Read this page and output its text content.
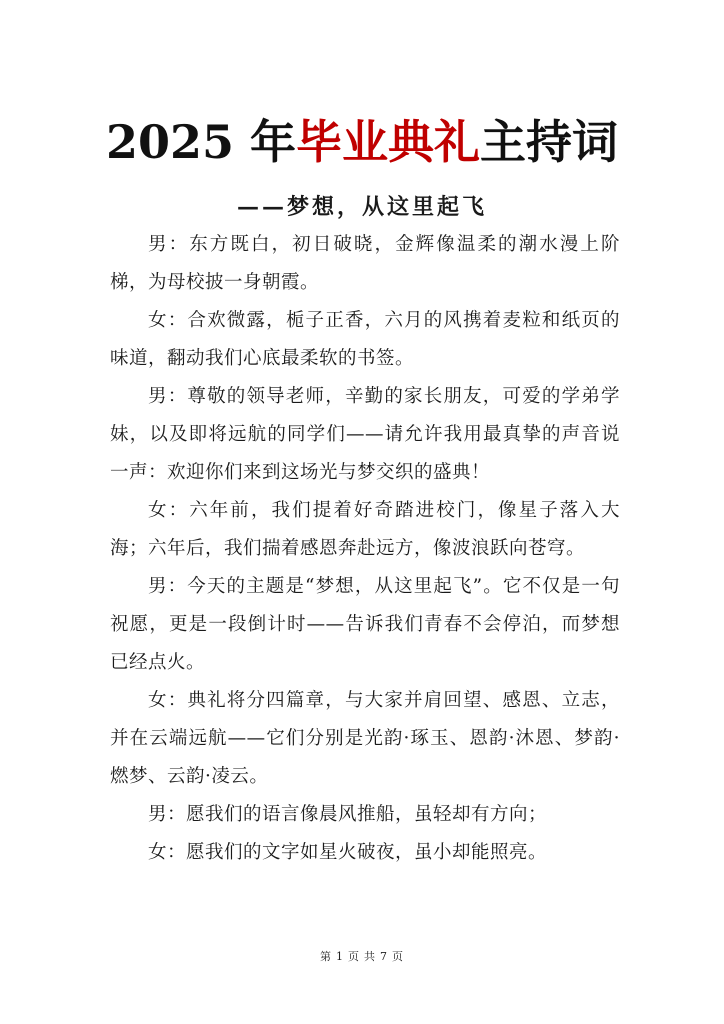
2025 年毕业典礼主持词
——梦想，从这里起飞

男：东方既白，初日破晓，金辉像温柔的潮水漫上阶梯，为母校披一身朝霞。

女：合欢微露，栀子正香，六月的风携着麦粒和纸页的味道，翻动我们心底最柔软的书签。

男：尊敬的领导老师，辛勤的家长朋友，可爱的学弟学妹，以及即将远航的同学们——请允许我用最真挚的声音说一声：欢迎你们来到这场光与梦交织的盛典！

女：六年前，我们提着好奇踏进校门，像星子落入大海；六年后，我们揣着感恩奔赴远方，像波浪跃向苍穹。

男：今天的主题是“梦想，从这里起飞”。它不仅是一句祝愿，更是一段倒计时——告诉我们青春不会停泊，而梦想已经点火。

女：典礼将分四篇章，与大家并肩回望、感恩、立志，并在云端远航——它们分别是光韵·琢玉、恩韵·沐恩、梦韵·燃梦、云韵·凌云。

男：愿我们的语言像晨风推船，虽轻却有方向；

女：愿我们的文字如星火破夜，虽小却能照亮。

第 1 页 共 7 页
